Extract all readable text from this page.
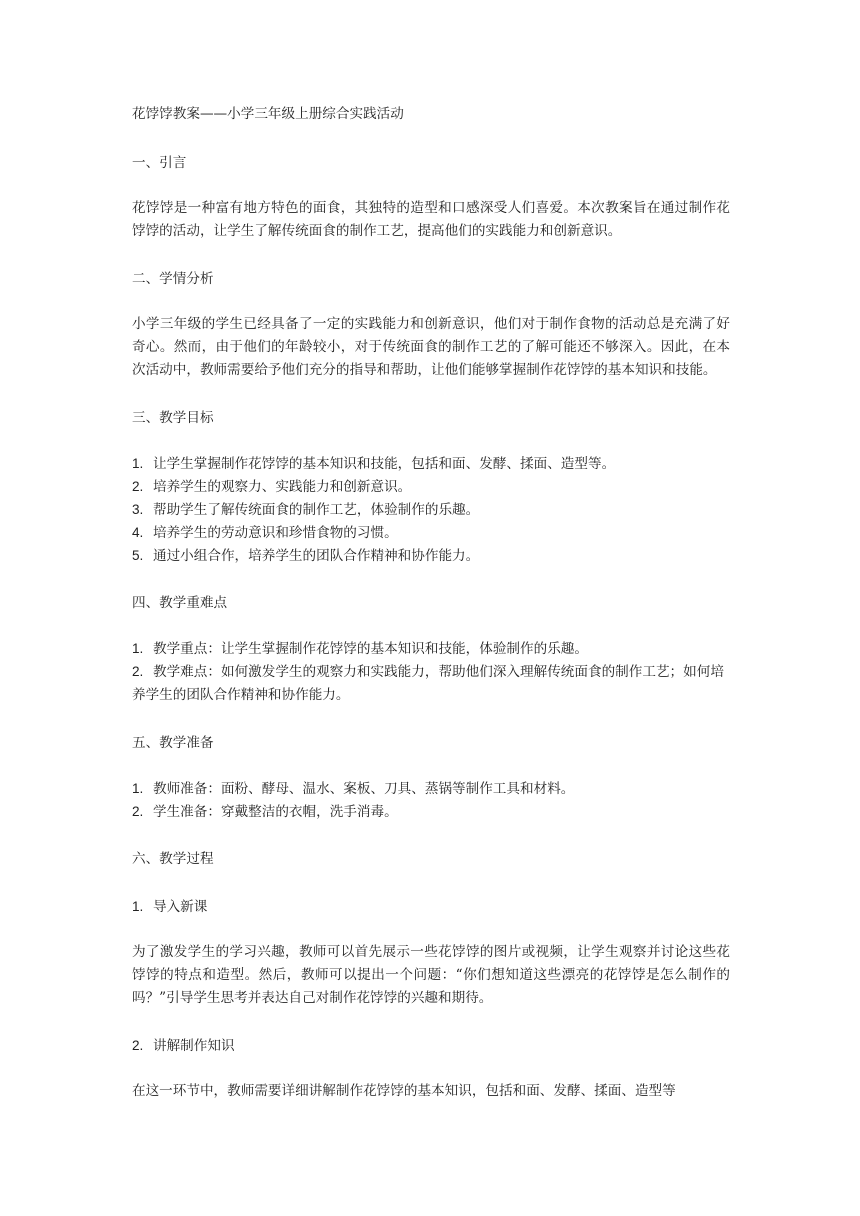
花饽饽教案——小学三年级上册综合实践活动
一、引言
花饽饽是一种富有地方特色的面食，其独特的造型和口感深受人们喜爱。本次教案旨在通过制作花饽饽的活动，让学生了解传统面食的制作工艺，提高他们的实践能力和创新意识。
二、学情分析
小学三年级的学生已经具备了一定的实践能力和创新意识，他们对于制作食物的活动总是充满了好奇心。然而，由于他们的年龄较小，对于传统面食的制作工艺的了解可能还不够深入。因此，在本次活动中，教师需要给予他们充分的指导和帮助，让他们能够掌握制作花饽饽的基本知识和技能。
三、教学目标
1. 让学生掌握制作花饽饽的基本知识和技能，包括和面、发酵、揉面、造型等。
2. 培养学生的观察力、实践能力和创新意识。
3. 帮助学生了解传统面食的制作工艺，体验制作的乐趣。
4. 培养学生的劳动意识和珍惜食物的习惯。
5. 通过小组合作，培养学生的团队合作精神和协作能力。
四、教学重难点
1. 教学重点：让学生掌握制作花饽饽的基本知识和技能，体验制作的乐趣。
2. 教学难点：如何激发学生的观察力和实践能力，帮助他们深入理解传统面食的制作工艺；如何培养学生的团队合作精神和协作能力。
五、教学准备
1. 教师准备：面粉、酵母、温水、案板、刀具、蒸锅等制作工具和材料。
2. 学生准备：穿戴整洁的衣帽，洗手消毒。
六、教学过程
1. 导入新课
为了激发学生的学习兴趣，教师可以首先展示一些花饽饽的图片或视频，让学生观察并讨论这些花饽饽的特点和造型。然后，教师可以提出一个问题：“你们想知道这些漂亮的花饽饽是怎么制作的吗？”引导学生思考并表达自己对制作花饽饽的兴趣和期待。
2. 讲解制作知识
在这一环节中，教师需要详细讲解制作花饽饽的基本知识，包括和面、发酵、揉面、造型等
